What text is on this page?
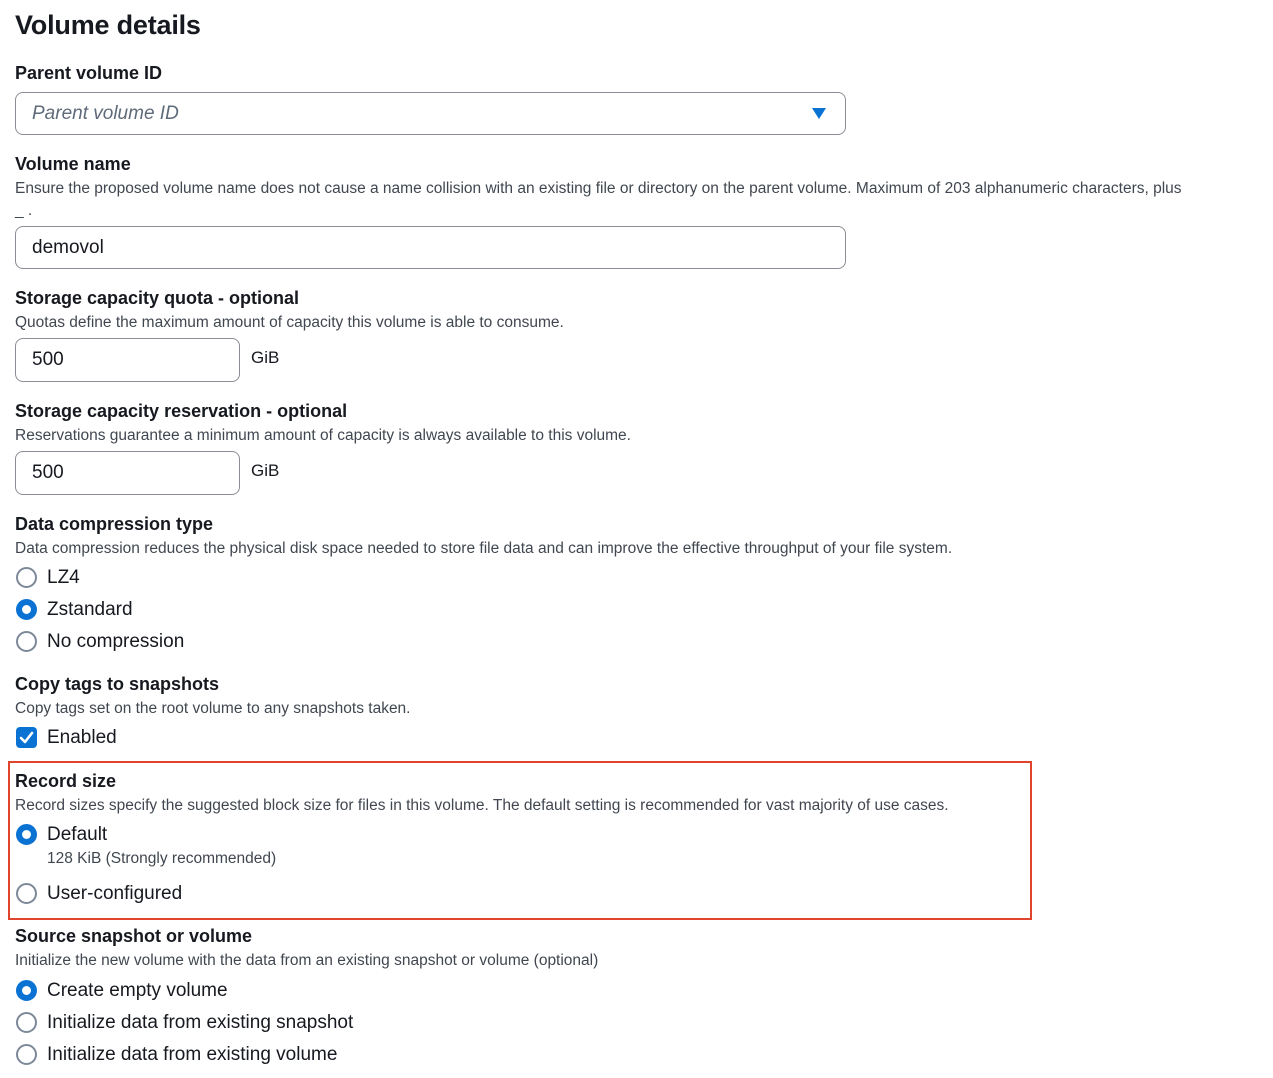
Volume details
Parent volume ID
Parent volume ID
Volume name
Ensure the proposed volume name does not cause a name collision with an existing file or directory on the parent volume. Maximum of 203 alphanumeric characters, plus
_ .
demovol
Storage capacity quota - optional
Quotas define the maximum amount of capacity this volume is able to consume.
500	GiB
Storage capacity reservation - optional
Reservations guarantee a minimum amount of capacity is always available to this volume.
500	GiB
Data compression type
Data compression reduces the physical disk space needed to store file data and can improve the effective throughput of your file system.
LZ4
Zstandard
No compression
Copy tags to snapshots
Copy tags set on the root volume to any snapshots taken.
Enabled
Record size
Record sizes specify the suggested block size for files in this volume. The default setting is recommended for vast majority of use cases.
Default
128 KiB (Strongly recommended)
User-configured
Source snapshot or volume
Initialize the new volume with the data from an existing snapshot or volume (optional)
Create empty volume
Initialize data from existing snapshot
Initialize data from existing volume
